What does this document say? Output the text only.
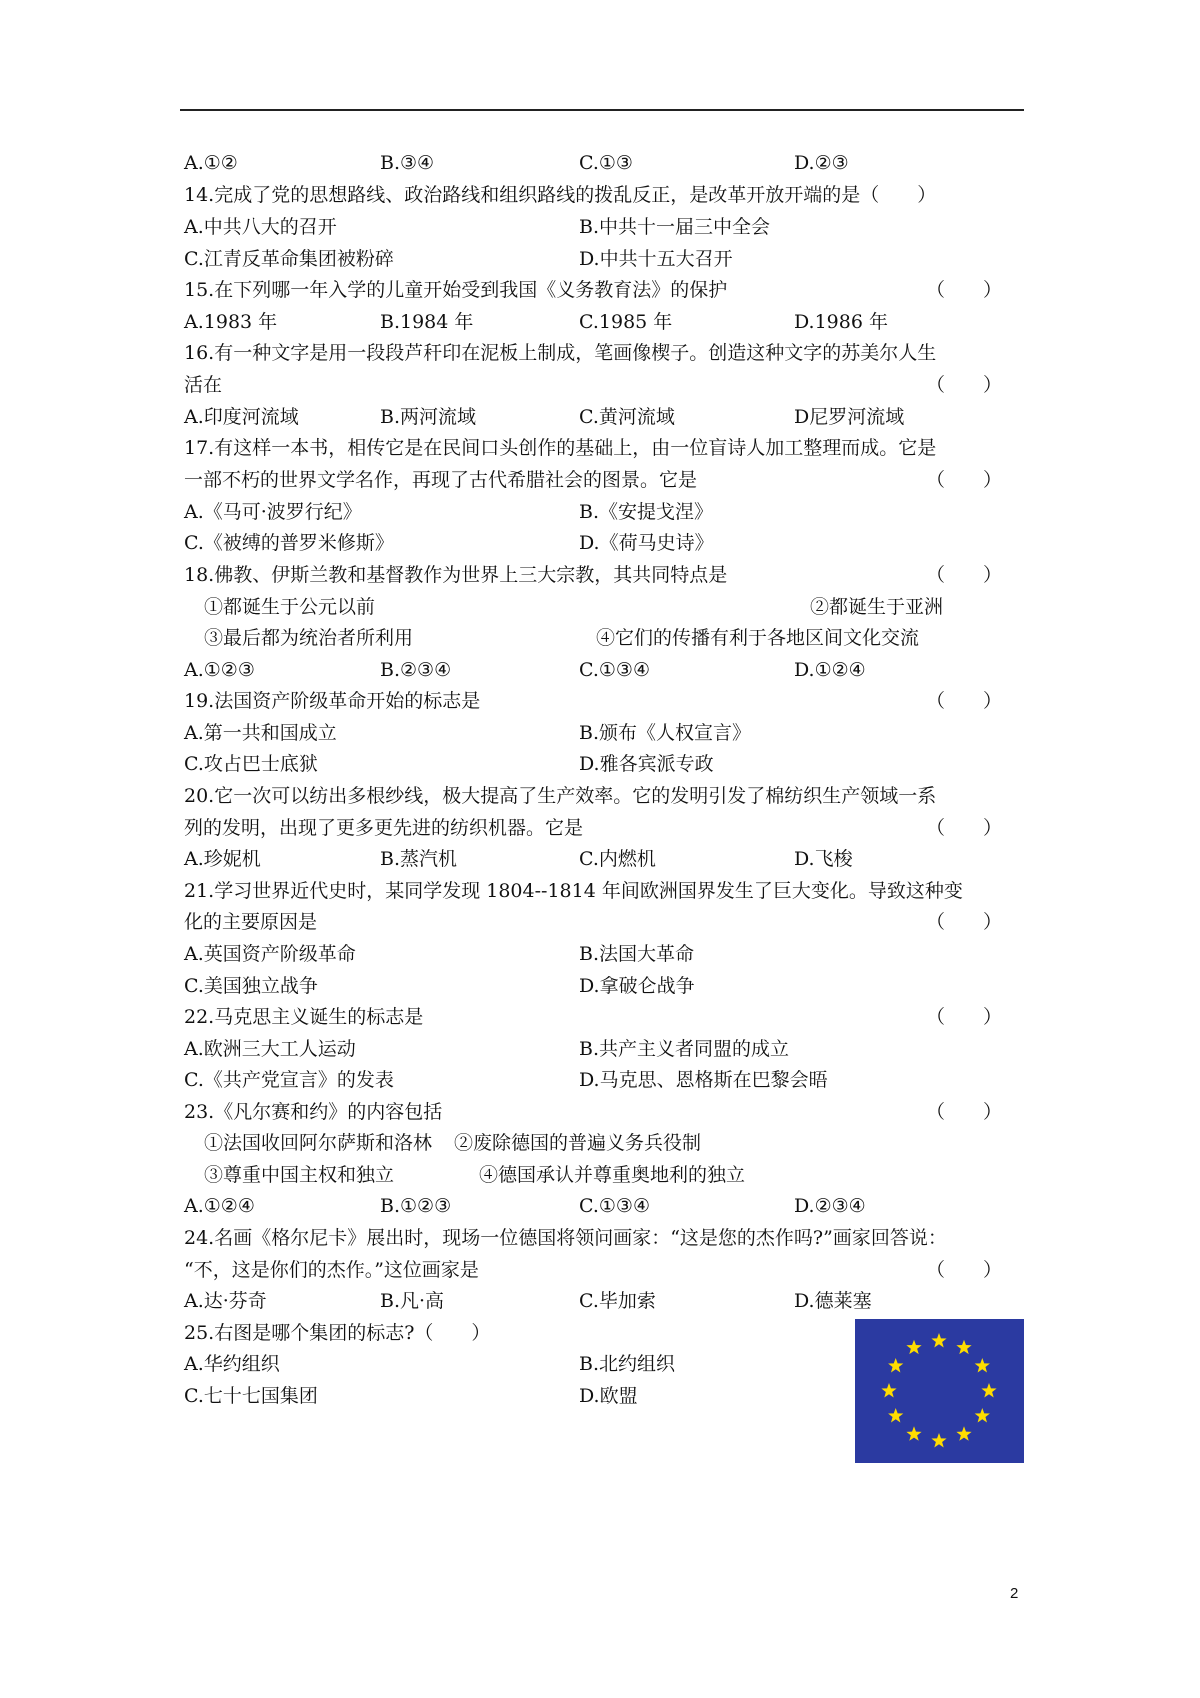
A.①②	B.③④	C.①③	D.②③
14.完成了党的思想路线、政治路线和组织路线的拨乱反正，是改革开放开端的是（　　）
A.中共八大的召开	B.中共十一届三中全会
C.江青反革命集团被粉碎	D.中共十五大召开
15.在下列哪一年入学的儿童开始受到我国《义务教育法》的保护	（　　）
A.1983 年	B.1984 年	C.1985 年	D.1986 年
16.有一种文字是用一段段芦秆印在泥板上制成，笔画像楔子。创造这种文字的苏美尔人生
活在	（　　）
A.印度河流域	B.两河流域	C.黄河流域	D尼罗河流域
17.有这样一本书，相传它是在民间口头创作的基础上，由一位盲诗人加工整理而成。它是
一部不朽的世界文学名作，再现了古代希腊社会的图景。它是	（　　）
A.《马可·波罗行纪》	B.《安提戈涅》
C.《被缚的普罗米修斯》	D.《荷马史诗》
18.佛教、伊斯兰教和基督教作为世界上三大宗教，其共同特点是	（　　）
①都诞生于公元以前	②都诞生于亚洲
③最后都为统治者所利用	④它们的传播有利于各地区间文化交流
A.①②③	B.②③④	C.①③④	D.①②④
19.法国资产阶级革命开始的标志是	（　　）
A.第一共和国成立	B.颁布《人权宣言》
C.攻占巴士底狱	D.雅各宾派专政
20.它一次可以纺出多根纱线，极大提高了生产效率。它的发明引发了棉纺织生产领域一系
列的发明，出现了更多更先进的纺织机器。它是	（　　）
A.珍妮机	B.蒸汽机	C.内燃机	D.飞梭
21.学习世界近代史时，某同学发现 1804--1814 年间欧洲国界发生了巨大变化。导致这种变
化的主要原因是	（　　）
A.英国资产阶级革命	B.法国大革命
C.美国独立战争	D.拿破仑战争
22.马克思主义诞生的标志是	（　　）
A.欧洲三大工人运动	B.共产主义者同盟的成立
C.《共产党宣言》的发表	D.马克思、恩格斯在巴黎会晤
23.《凡尔赛和约》的内容包括	（　　）
①法国收回阿尔萨斯和洛林 ②废除德国的普遍义务兵役制
③尊重中国主权和独立	④德国承认并尊重奥地利的独立
A.①②④	B.①②③	C.①③④	D.②③④
24.名画《格尔尼卡》展出时，现场一位德国将领问画家：“这是您的杰作吗?”画家回答说：
“不，这是你们的杰作。”这位画家是	（　　）
A.达·芬奇	B.凡·高	C.毕加索	D.德莱塞
25.右图是哪个集团的标志?（　　）
A.华约组织	B.北约组织
C.七十七国集团	D.欧盟
2
